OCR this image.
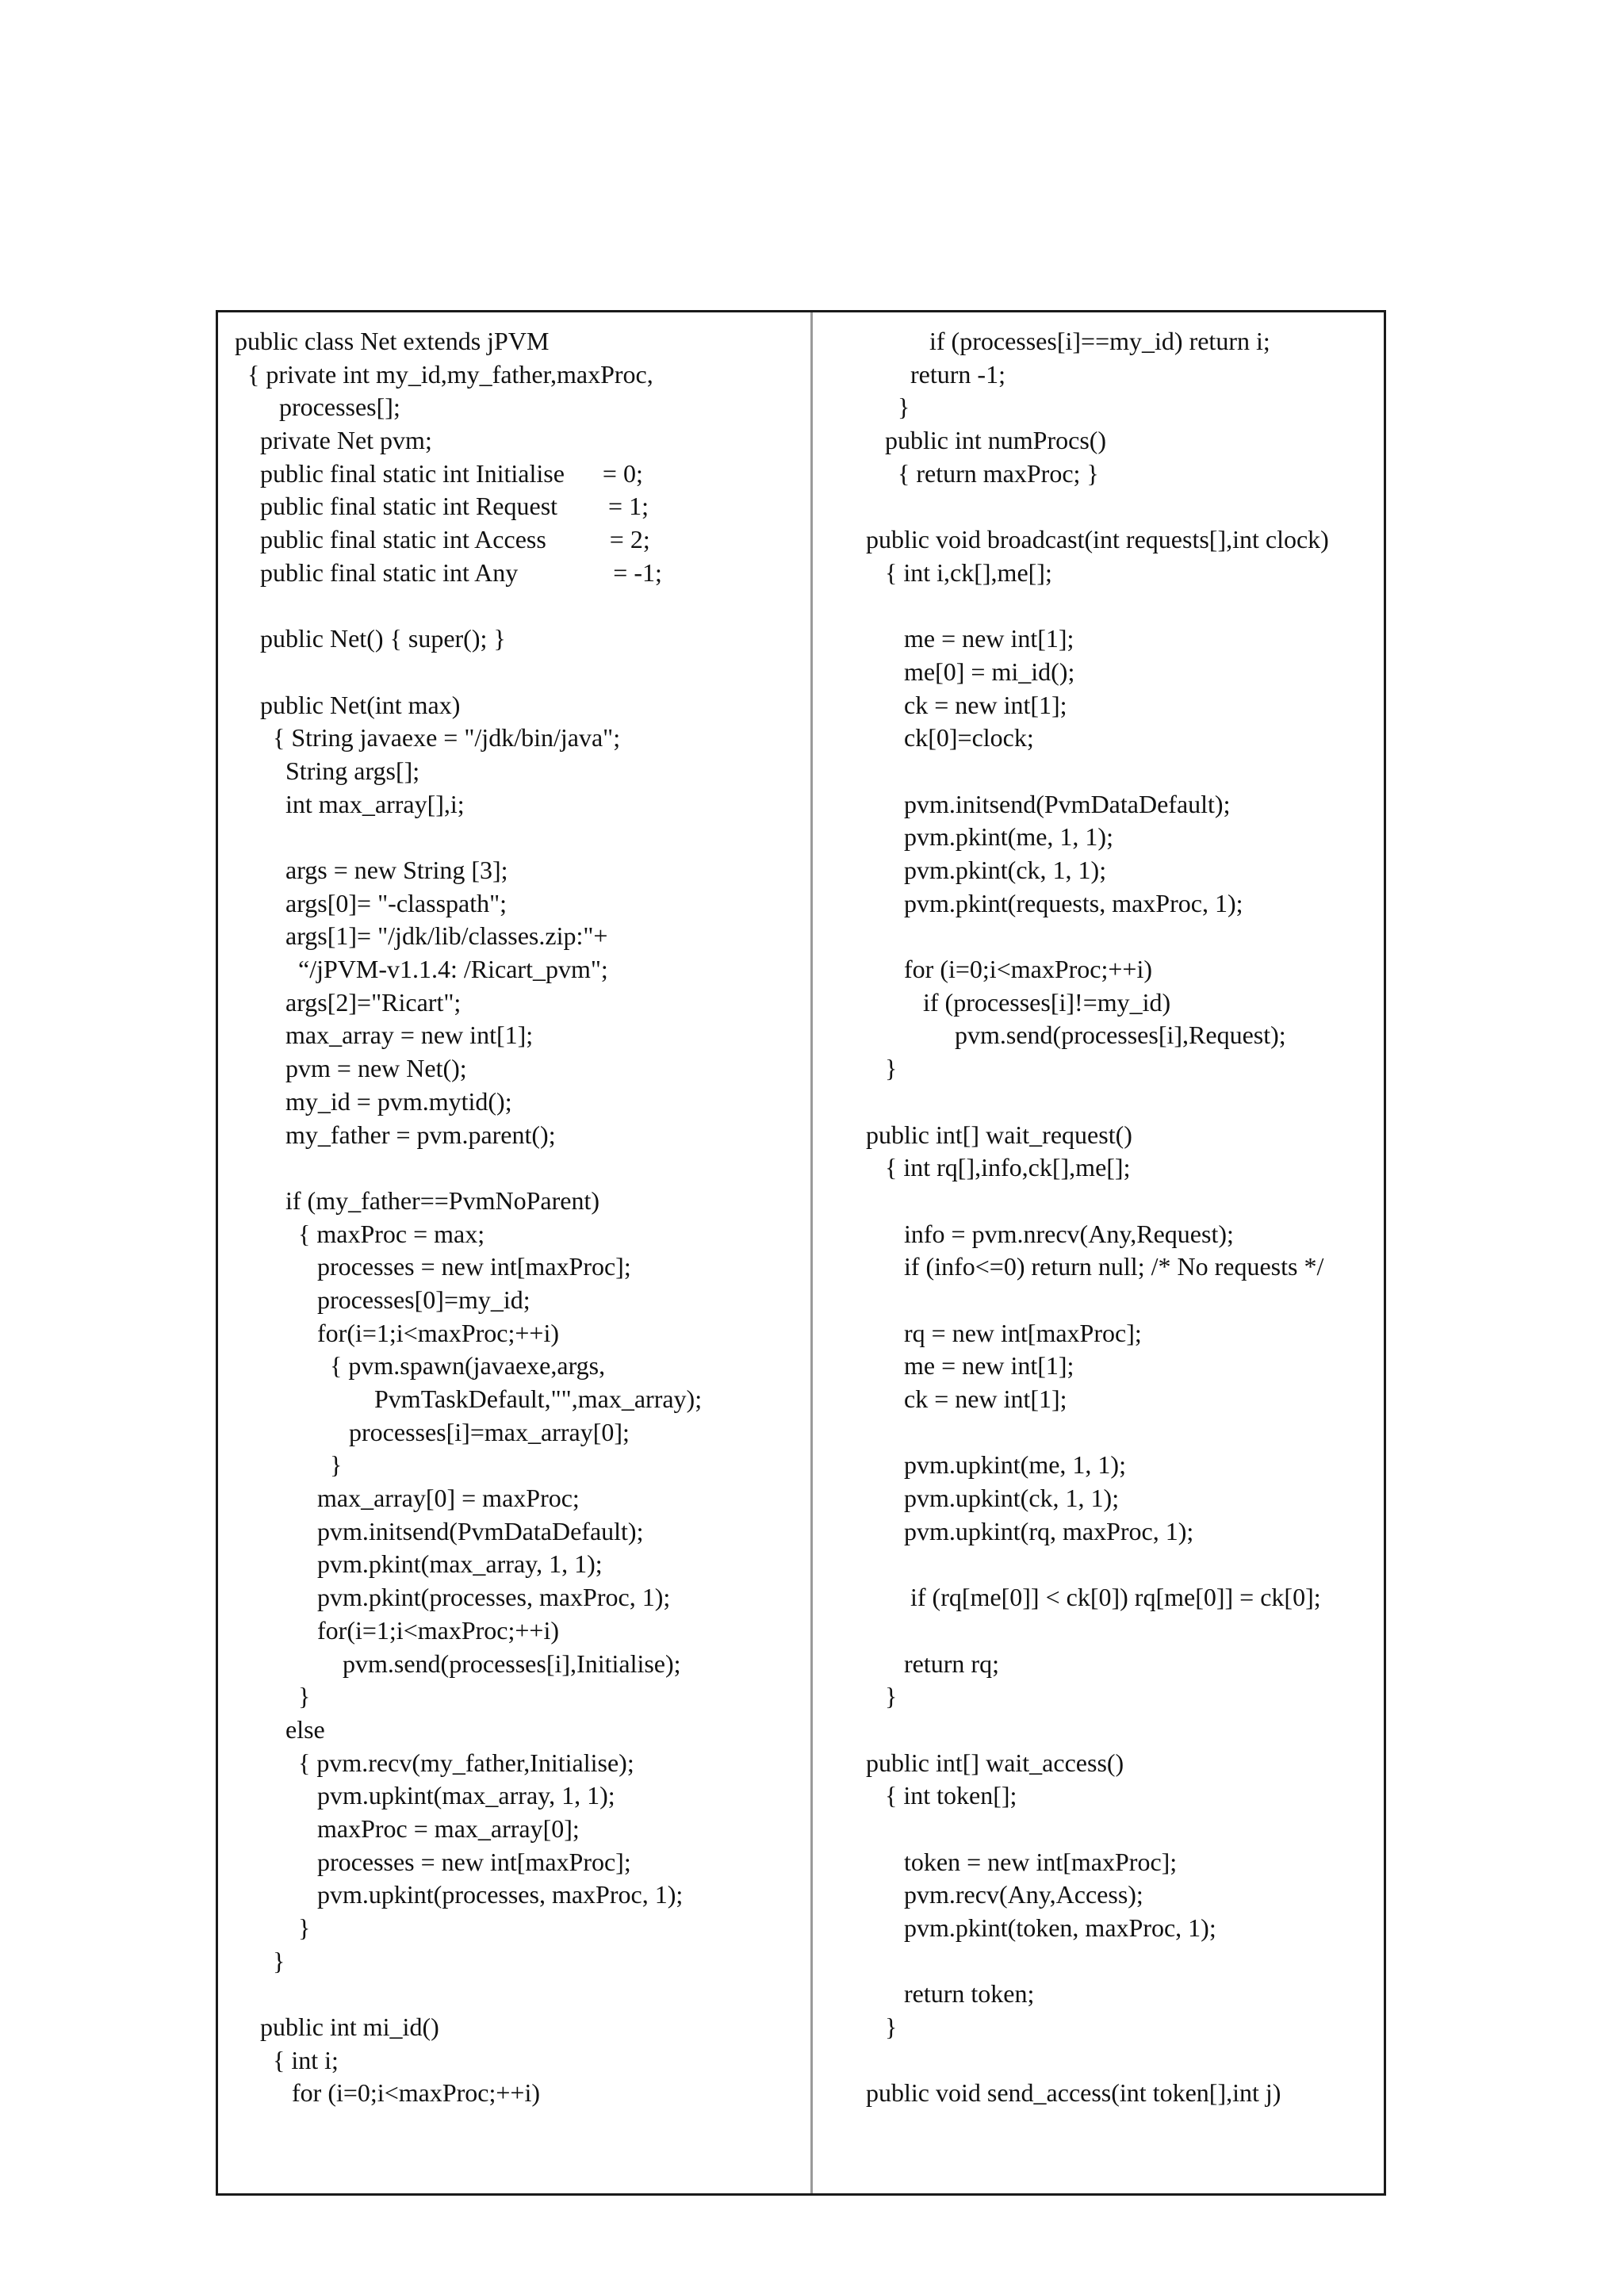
public class Net extends jPVM
{ private int my_id,my_father,maxProc,
processes[];
private Net pvm;
public final static int Initialise      = 0;
public final static int Request        = 1;
public final static int Access          = 2;
public final static int Any               = -1;
public Net() { super(); }
public Net(int max)
{ String javaexe = "/jdk/bin/java";
String args[];
int max_array[],i;
args = new String [3];
args[0]= "-classpath";
args[1]= "/jdk/lib/classes.zip:"+
“/jPVM-v1.1.4: /Ricart_pvm";
args[2]="Ricart";
max_array = new int[1];
pvm = new Net();
my_id = pvm.mytid();
my_father = pvm.parent();
if (my_father==PvmNoParent)
{ maxProc = max;
processes = new int[maxProc];
processes[0]=my_id;
for(i=1;i<maxProc;++i)
{ pvm.spawn(javaexe,args,
PvmTaskDefault,"",max_array);
processes[i]=max_array[0];
}
max_array[0] = maxProc;
pvm.initsend(PvmDataDefault);
pvm.pkint(max_array, 1, 1);
pvm.pkint(processes, maxProc, 1);
for(i=1;i<maxProc;++i)
pvm.send(processes[i],Initialise);
}
else
{ pvm.recv(my_father,Initialise);
pvm.upkint(max_array, 1, 1);
maxProc = max_array[0];
processes = new int[maxProc];
pvm.upkint(processes, maxProc, 1);
}
}
public int mi_id()
{ int i;
for (i=0;i<maxProc;++i)
if (processes[i]==my_id) return i;
return -1;
}
public int numProcs()
{ return maxProc; }
public void broadcast(int requests[],int clock)
{ int i,ck[],me[];
me = new int[1];
me[0] = mi_id();
ck = new int[1];
ck[0]=clock;
pvm.initsend(PvmDataDefault);
pvm.pkint(me, 1, 1);
pvm.pkint(ck, 1, 1);
pvm.pkint(requests, maxProc, 1);
for (i=0;i<maxProc;++i)
if (processes[i]!=my_id)
pvm.send(processes[i],Request);
}
public int[] wait_request()
{ int rq[],info,ck[],me[];
info = pvm.nrecv(Any,Request);
if (info<=0) return null; /* No requests */
rq = new int[maxProc];
me = new int[1];
ck = new int[1];
pvm.upkint(me, 1, 1);
pvm.upkint(ck, 1, 1);
pvm.upkint(rq, maxProc, 1);
if (rq[me[0]] < ck[0]) rq[me[0]] = ck[0];
return rq;
}
public int[] wait_access()
{ int token[];
token = new int[maxProc];
pvm.recv(Any,Access);
pvm.pkint(token, maxProc, 1);
return token;
}
public void send_access(int token[],int j)
